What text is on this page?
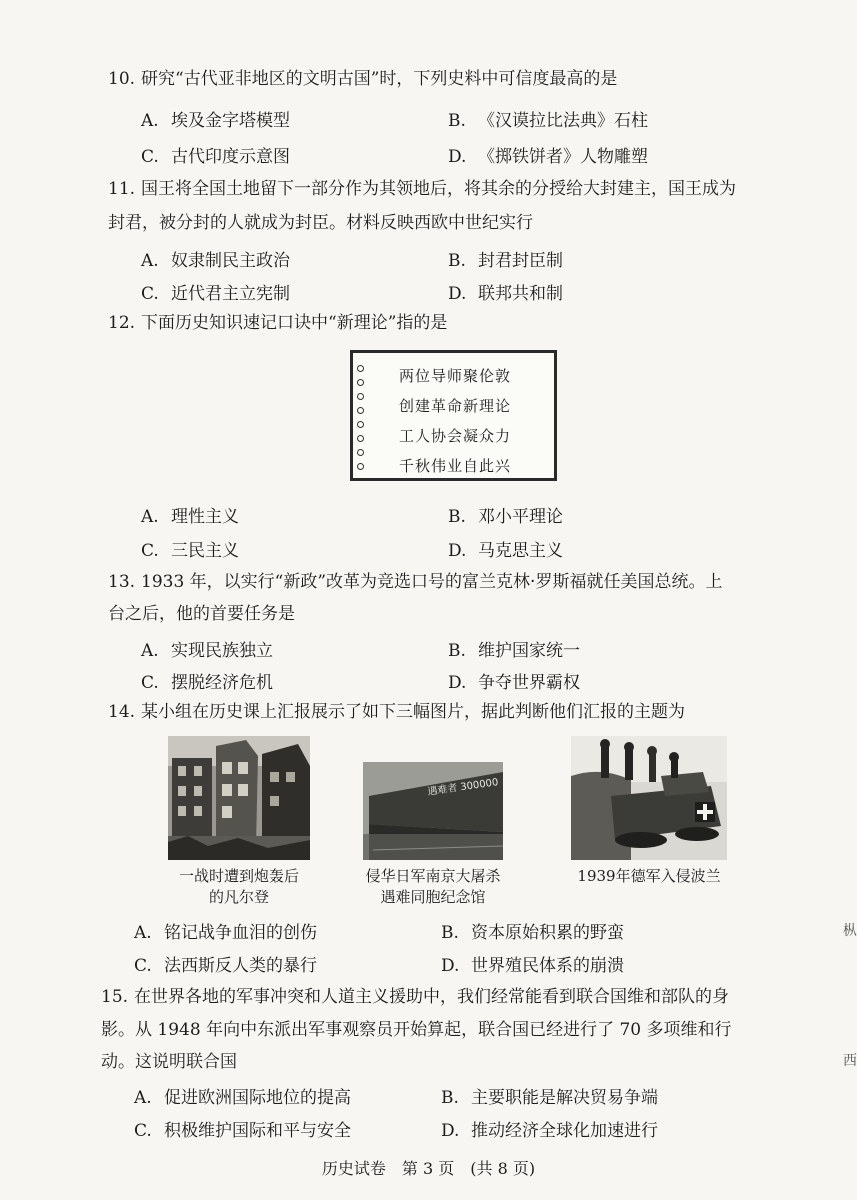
10. 研究“古代亚非地区的文明古国”时，下列史料中可信度最高的是
A. 埃及金字塔模型	B. 《汉谟拉比法典》石柱
C. 古代印度示意图	D. 《掷铁饼者》人物雕塑
11. 国王将全国土地留下一部分作为其领地后，将其余的分授给大封建主，国王成为
封君，被分封的人就成为封臣。材料反映西欧中世纪实行
A. 奴隶制民主政治	B. 封君封臣制
C. 近代君主立宪制	D. 联邦共和制
12. 下面历史知识速记口诀中“新理论”指的是
两位导师聚伦敦
创建革命新理论
工人协会凝众力
千秋伟业自此兴
A. 理性主义	B. 邓小平理论
C. 三民主义	D. 马克思主义
13. 1933 年，以实行“新政”改革为竞选口号的富兰克林·罗斯福就任美国总统。上
台之后，他的首要任务是
A. 实现民族独立	B. 维护国家统一
C. 摆脱经济危机	D. 争夺世界霸权
14. 某小组在历史课上汇报展示了如下三幅图片，据此判断他们汇报的主题为
遇难者 300000
一战时遭到炮轰后
的凡尔登
侵华日军南京大屠杀
遇难同胞纪念馆
1939年德军入侵波兰
A. 铭记战争血泪的创伤	B. 资本原始积累的野蛮
C. 法西斯反人类的暴行	D. 世界殖民体系的崩溃
15. 在世界各地的军事冲突和人道主义援助中，我们经常能看到联合国维和部队的身
影。从 1948 年向中东派出军事观察员开始算起，联合国已经进行了 70 多项维和行
动。这说明联合国
A. 促进欧洲国际地位的提高	B. 主要职能是解决贸易争端
C. 积极维护国际和平与安全	D. 推动经济全球化加速进行
枞
西
历史试卷　第 3 页　(共 8 页)
